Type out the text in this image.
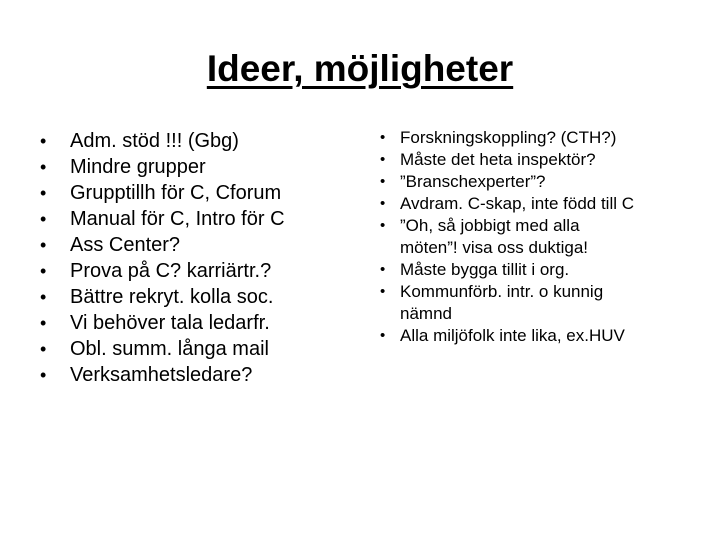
Ideer, möjligheter
• Adm. stöd !!! (Gbg)
• Mindre grupper
• Grupptillh för C, Cforum
• Manual för C, Intro för C
• Ass Center?
• Prova på C? karriärtr.?
• Bättre rekryt. kolla soc.
• Vi behöver tala ledarfr.
• Obl. summ. långa mail
• Verksamhetsledare?
• Forskningskoppling? (CTH?)
• Måste det heta inspektör?
• ”Branschexperter”?
• Avdram. C-skap, inte född till C
• ”Oh, så jobbigt med alla
möten”! visa oss duktiga!
• Måste bygga tillit i org.
• Kommunförb. intr. o kunnig
nämnd
• Alla miljöfolk inte lika, ex.HUV
